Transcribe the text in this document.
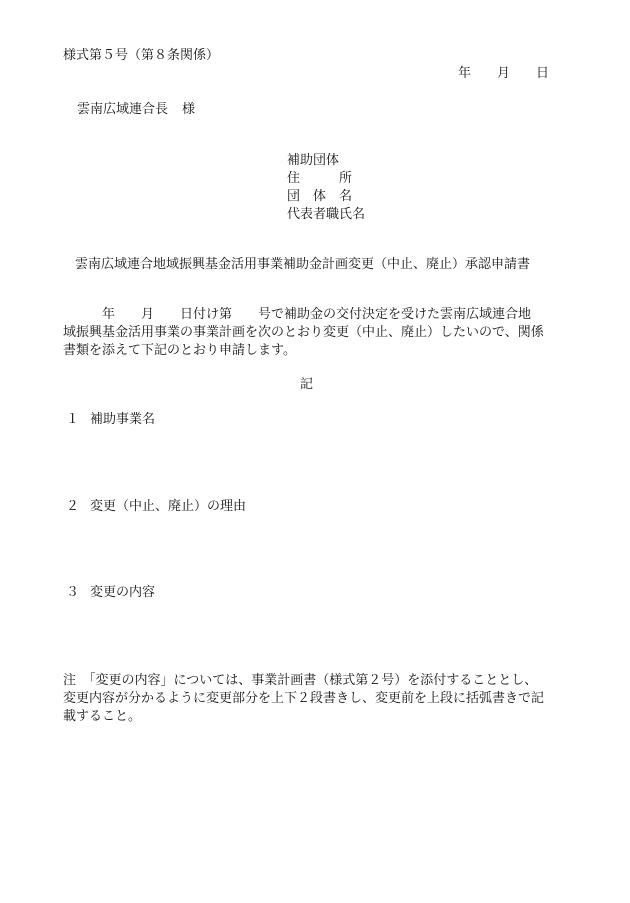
様式第５号（第８条関係）
年 月 日
雲南広域連合長 様
補助団体
住　　　所
団　体　名
代表者職氏名
雲南広域連合地域振興基金活用事業補助金計画変更（中止、廃止）承認申請書

　　　年　　月　　日付け第　　号で補助金の交付決定を受けた雲南広域連合地

域振興基金活用事業の事業計画を次のとおり変更（中止、廃止）したいので、関係

書類を添えて下記のとおり申請します。

記
１ 補助事業名
２ 変更（中止、廃止）の理由
３ 変更の内容

注　「変更の内容」については、事業計画書（様式第２号）を添付することとし、

変更内容が分かるように変更部分を上下２段書きし、変更前を上段に括弧書きで記

載すること。
